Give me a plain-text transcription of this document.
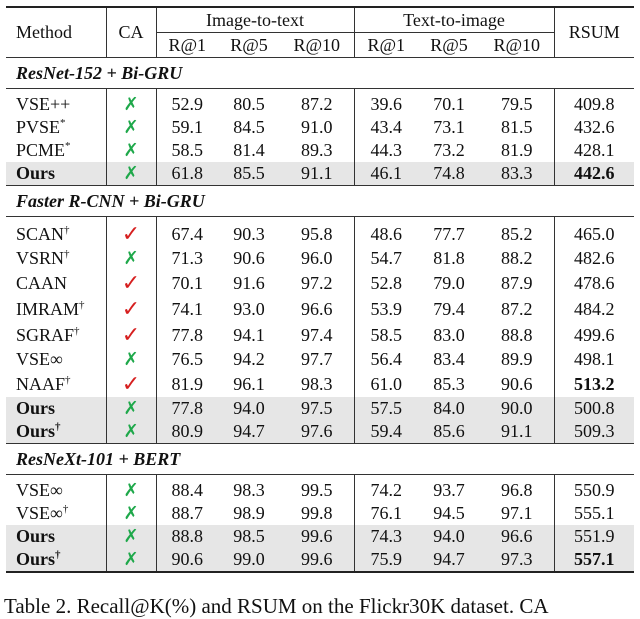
Method	CA	Image-to-text			Text-to-image			RSUM
		R@1	R@5	R@10	R@1	R@5	R@10	
ResNet-152 + Bi-GRU								
VSE++	✗	52.9	80.5	87.2	39.6	70.1	79.5	409.8
PVSE*	✗	59.1	84.5	91.0	43.4	73.1	81.5	432.6
PCME*	✗	58.5	81.4	89.3	44.3	73.2	81.9	428.1
Ours	✗	61.8	85.5	91.1	46.1	74.8	83.3	442.6
Faster R-CNN + Bi-GRU								
SCAN†	✓	67.4	90.3	95.8	48.6	77.7	85.2	465.0
VSRN†	✗	71.3	90.6	96.0	54.7	81.8	88.2	482.6
CAAN	✓	70.1	91.6	97.2	52.8	79.0	87.9	478.6
IMRAM†	✓	74.1	93.0	96.6	53.9	79.4	87.2	484.2
SGRAF†	✓	77.8	94.1	97.4	58.5	83.0	88.8	499.6
VSE∞	✗	76.5	94.2	97.7	56.4	83.4	89.9	498.1
NAAF†	✓	81.9	96.1	98.3	61.0	85.3	90.6	513.2
Ours	✗	77.8	94.0	97.5	57.5	84.0	90.0	500.8
Ours†	✗	80.9	94.7	97.6	59.4	85.6	91.1	509.3
ResNeXt-101 + BERT								
VSE∞	✗	88.4	98.3	99.5	74.2	93.7	96.8	550.9
VSE∞†	✗	88.7	98.9	99.8	76.1	94.5	97.1	555.1
Ours	✗	88.8	98.5	99.6	74.3	94.0	96.6	551.9
Ours†	✗	90.6	99.0	99.6	75.9	94.7	97.3	557.1
Table 2. Recall@K(%) and RSUM on the Flickr30K dataset. CA
